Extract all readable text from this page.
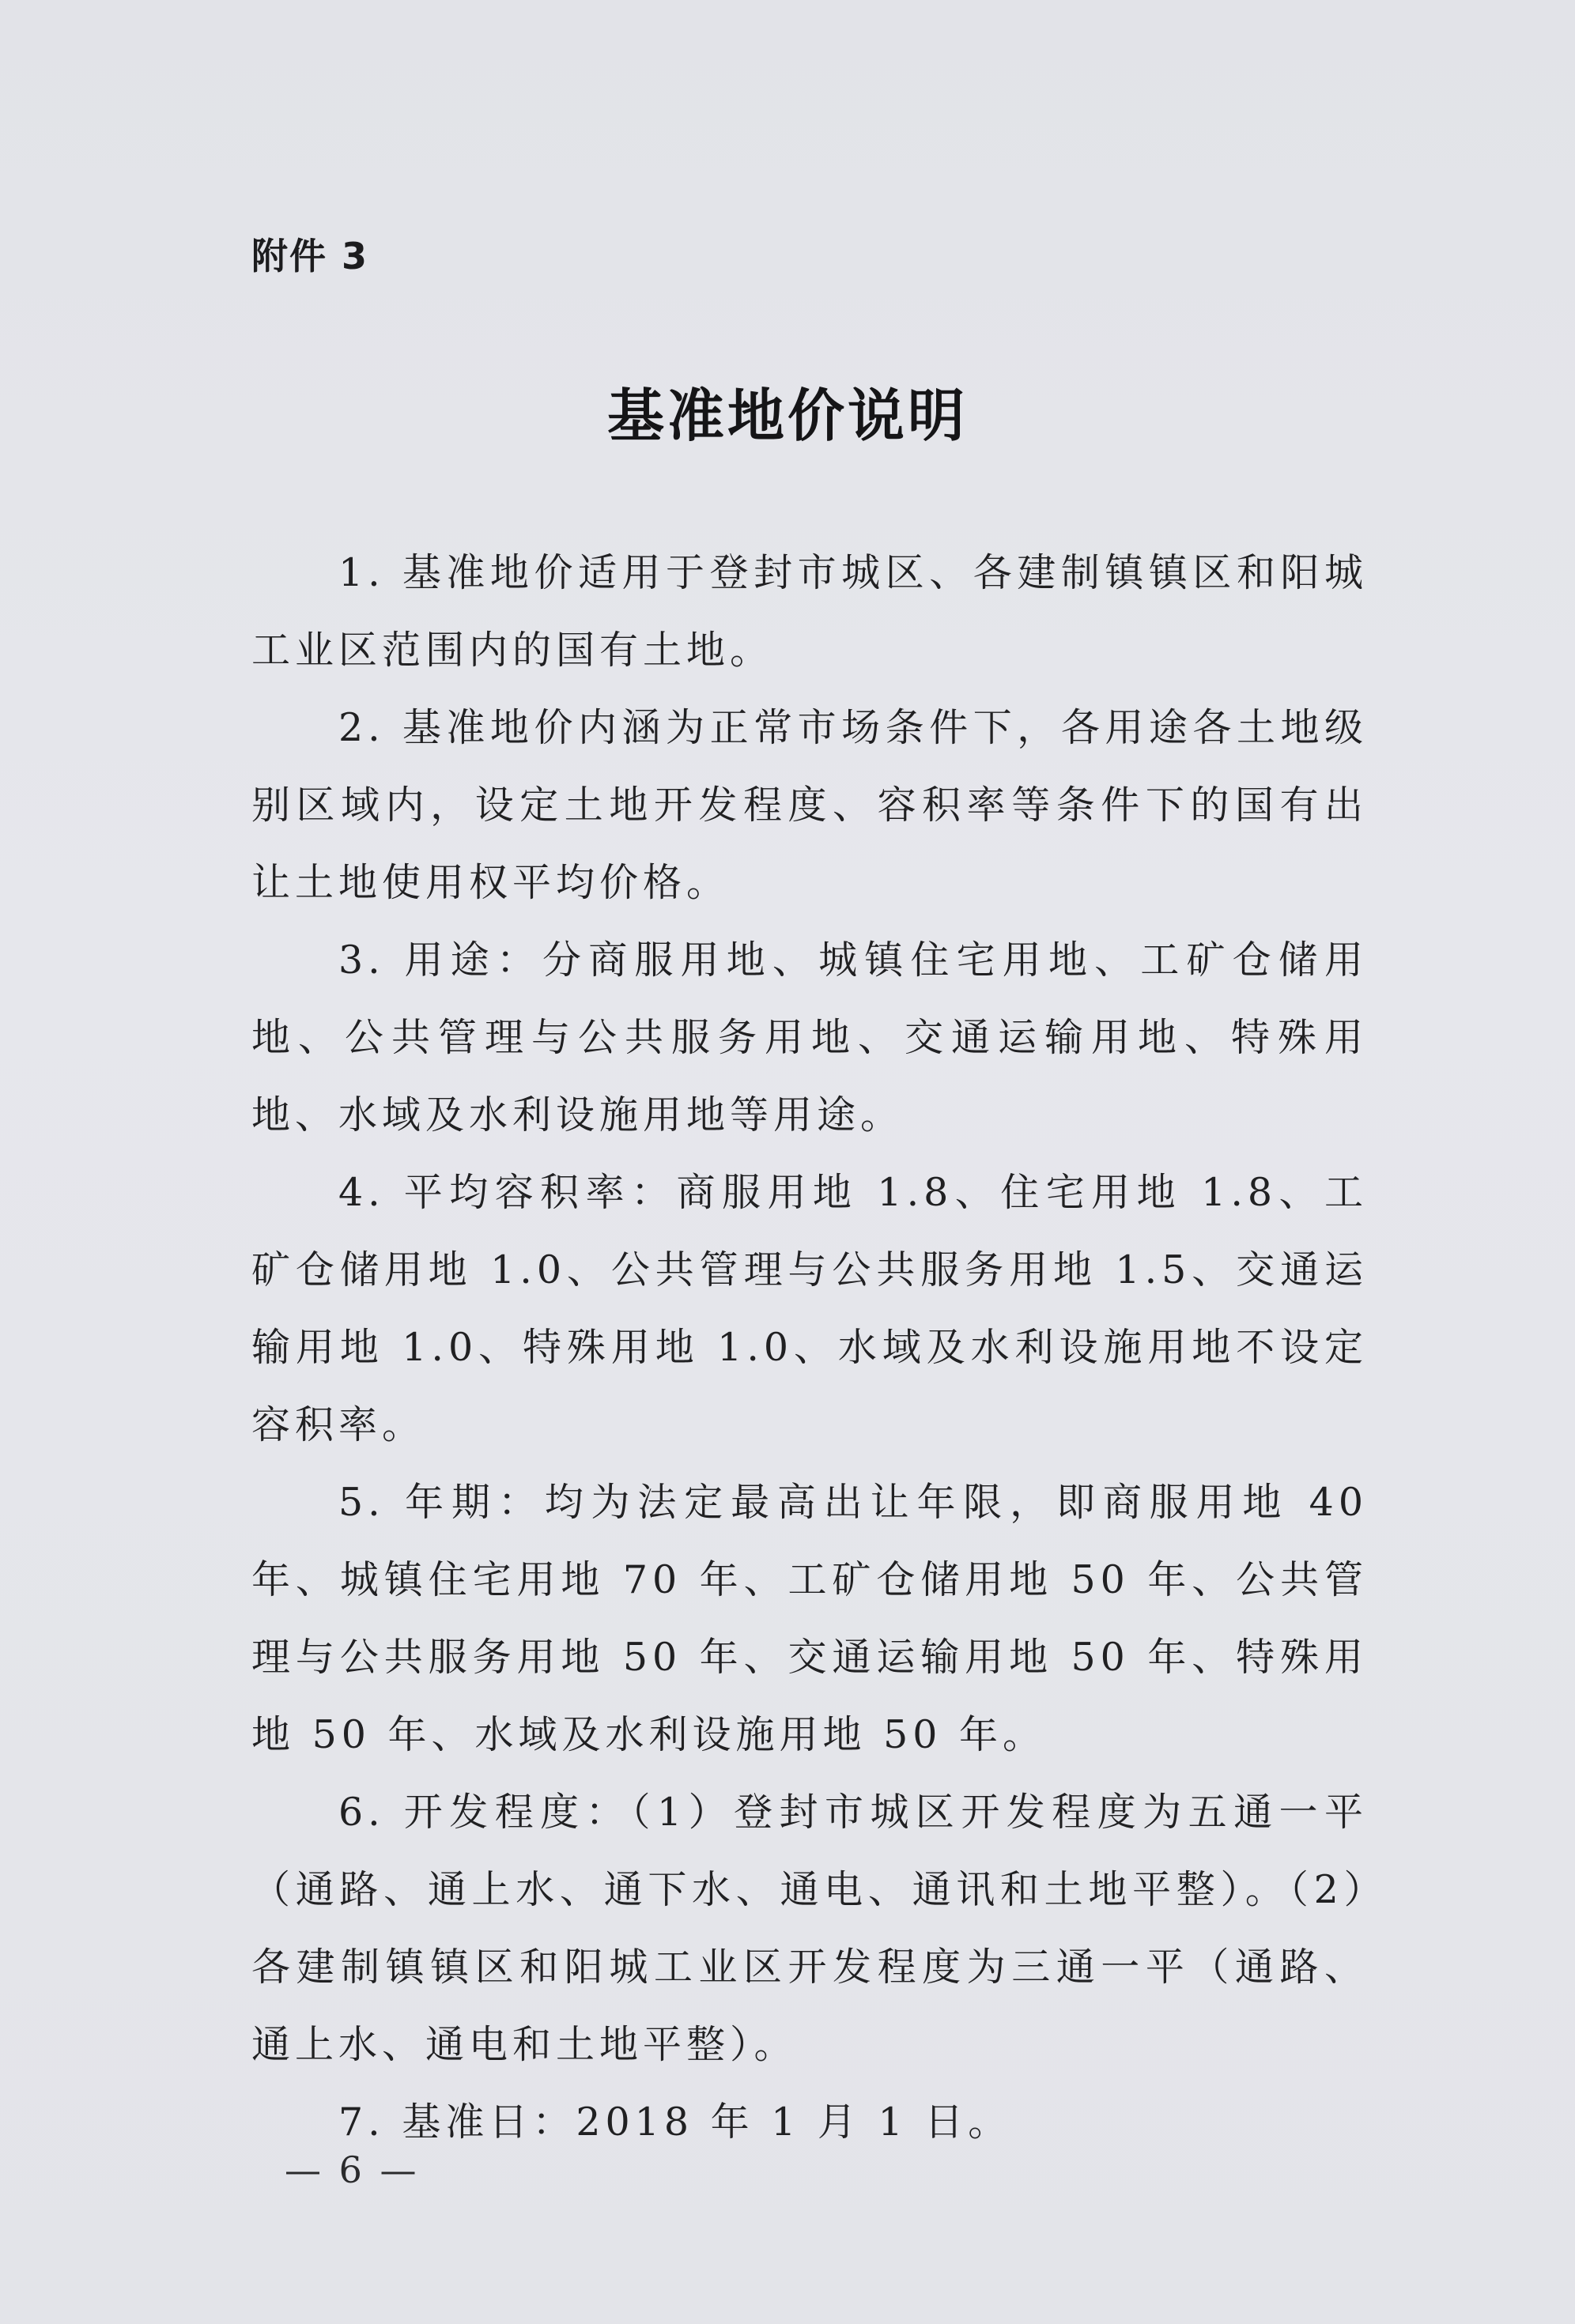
附件 3
基准地价说明

1. 基准地价适用于登封市城区、各建制镇镇区和阳城工业区范围内的国有土地。

2. 基准地价内涵为正常市场条件下，各用途各土地级别区域内，设定土地开发程度、容积率等条件下的国有出让土地使用权平均价格。

3. 用途：分商服用地、城镇住宅用地、工矿仓储用地、公共管理与公共服务用地、交通运输用地、特殊用地、水域及水利设施用地等用途。

4. 平均容积率：商服用地 1.8、住宅用地 1.8、工矿仓储用地 1.0、公共管理与公共服务用地 1.5、交通运输用地 1.0、特殊用地 1.0、水域及水利设施用地不设定容积率。

5. 年期：均为法定最高出让年限，即商服用地 40 年、城镇住宅用地 70 年、工矿仓储用地 50 年、公共管理与公共服务用地 50 年、交通运输用地 50 年、特殊用地 50 年、水域及水利设施用地 50 年。

6. 开发程度：（1）登封市城区开发程度为五通一平（通路、通上水、通下水、通电、通讯和土地平整）。（2）各建制镇镇区和阳城工业区开发程度为三通一平（通路、通上水、通电和土地平整）。

7. 基准日：2018 年 1 月 1 日。

— 6 —
